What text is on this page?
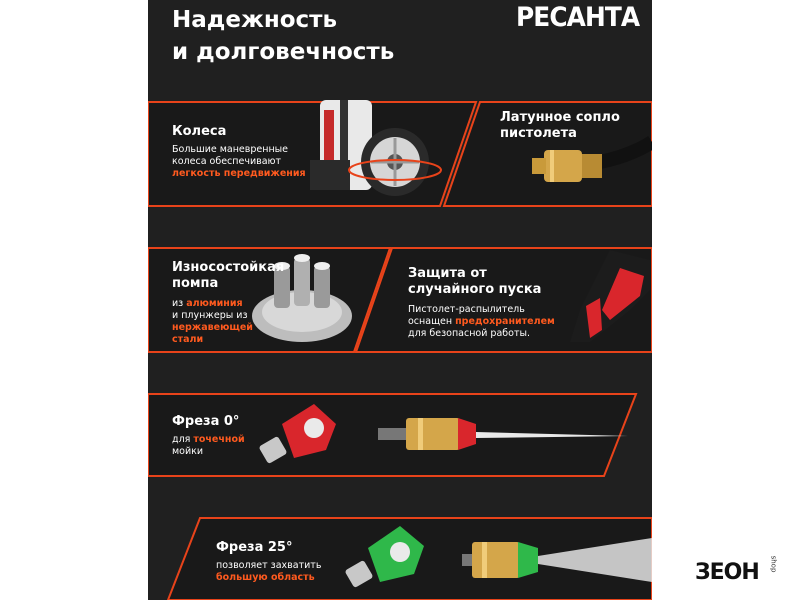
Надежность
и долговечность
РЕСАНТА
Колеса
Большие маневренные
колеса обеспечивают
легкость передвижения
Латунное сопло
пистолета
Износостойкая
помпа
из алюминия
и плунжеры из
нержавеющей
стали
Защита от
случайного пуска
Пистолет-распылитель
оснащен предохранителем
для безопасной работы.
Фреза 0°
для точечной
мойки
Фреза 25°
позволяет захватить
большую область	ЗЕОН shop
